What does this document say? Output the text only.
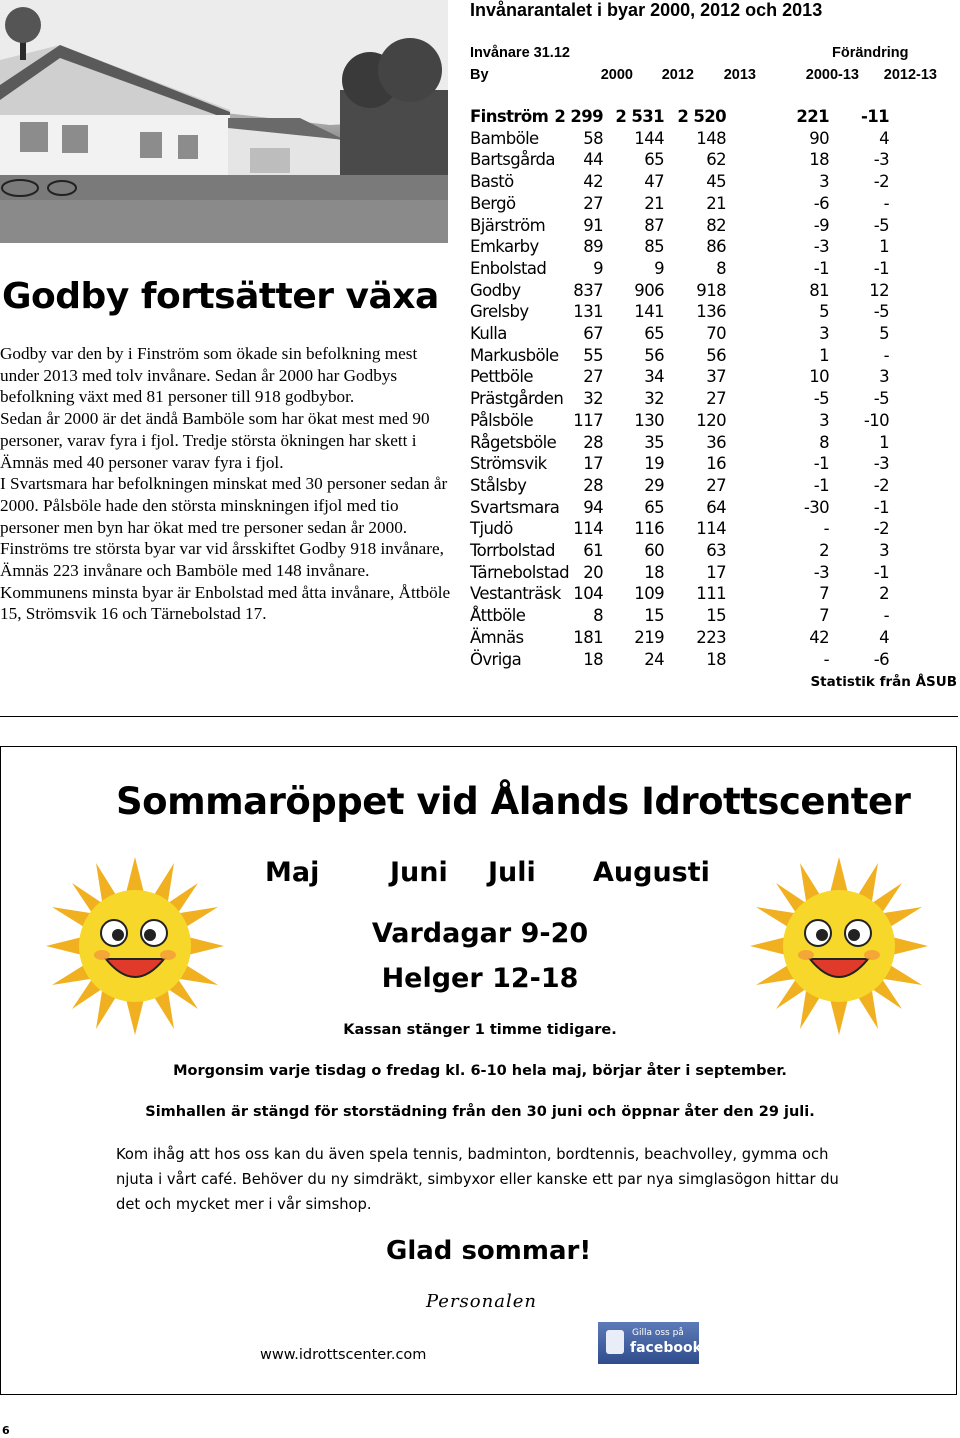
Godby fortsätter växa

Godby var den by i Finström som ökade sin befolkning mest under 2013 med tolv invånare. Sedan år 2000 har Godbys befolkning växt med 81 personer till 918 godbybor.

Sedan år 2000 är det ändå Bamböle som har ökat mest med 90 personer, varav fyra i fjol. Tredje största ökningen har skett i Ämnäs med 40 personer varav fyra i fjol.

I Svartsmara har befolkningen minskat med 30 personer sedan år 2000. Pålsböle hade den största minskningen ifjol med tio personer men byn har ökat med tre personer sedan år 2000.

Finströms tre största byar var vid årsskiftet Godby 918 invånare, Ämnäs 223 invånare och Bamböle med 148 invånare.

Kommunens minsta byar är Enbolstad med åtta invånare, Åttböle 15, Strömsvik 16 och Tärnebolstad 17.

Invånarantalet i byar 2000, 2012 och 2013
Invånare 31.12	Förändring
By	2000 2012 2013	2000-13 2012-13
Finström 2 299 2 531 2 520	221 -11
Bamböle	58 144 148	90	4
Bartsgårda 44 65	62	18	-3
Bastö	42 47	45	3	-2
Bergö	27 21	21	-6	-
Bjärström 91 87	82	-9	-5
Emkarby	89 85	86	-3	1
Enbolstad	9	9	8	-1	-1
Godby	837 906 918	81 12
Grelsby	131 141 136	5	-5
Kulla	67 65	70	3	5
Markusböle 55 56	56	1	-
Pettböle	27 34	37	10	3
Prästgården 32 32	27	-5	-5
Pålsböle 117 130 120	3 -10
Rågetsböle 28 35	36	8	1
Strömsvik 17 19	16	-1	-3
Stålsby	28 29	27	-1	-2
Svartsmara 94 65	64	-30	-1
Tjudö	114 116 114	-	-2
Torrbolstad 61 60	63	2	3
Tärnebolstad 20 18	17	-3	-1
Vestanträsk 104 109 111	7	2
Åttböle	8 15	15	7	-
Ämnäs	181 219 223	42	4
Övriga	18 24	18	-	-6
Statistik från ÅSUB
Sommaröppet vid Ålands Idrottscenter
Maj	Juni Juli Augusti
Vardagar 9-20
Helger 12-18
Kassan stänger 1 timme tidigare.
Morgonsim varje tisdag o fredag kl. 6-10 hela maj, börjar åter i september.
Simhallen är stängd för storstädning från den 30 juni och öppnar åter den 29 juli.

Kom ihåg att hos oss kan du även spela tennis, badminton, bordtennis, beachvolley, gymma och njuta i vårt café. Behöver du ny simdräkt, simbyxor eller kanske ett par nya simglasögon hittar du det och mycket mer i vår simshop.

Glad sommar!
Personalen
www.idrottscenter.com
Gilla oss på
facebook
6
